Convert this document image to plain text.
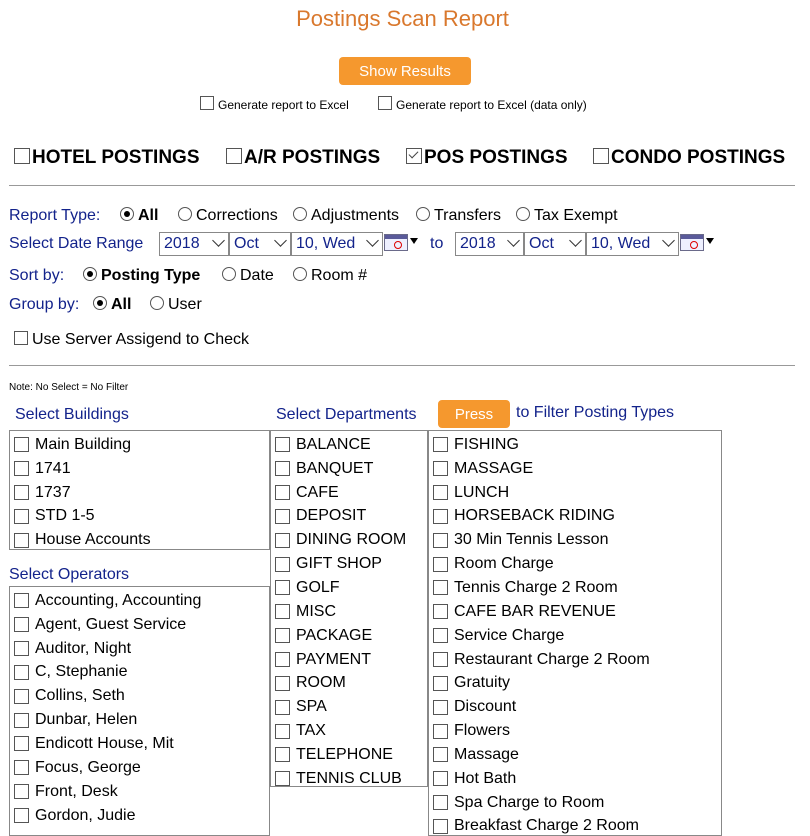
Postings Scan Report
Show Results
Generate report to Excel	Generate report to Excel (data only)
HOTEL POSTINGS	A/R POSTINGS	POS POSTINGS	CONDO POSTINGS
Report Type:	All	Corrections	Adjustments	Transfers	Tax Exempt
Select Date Range	2018	Oct	10, Wed	to	2018	Oct	10, Wed
Sort by:	Posting Type	Date	Room #
Group by:	All	User
Use Server Assigend to Check
Note: No Select = No Filter
Select Buildings	Select Departments	Press	to Filter Posting Types
Main Building
1741
1737
STD 1-5
House Accounts
Select Operators
Accounting, Accounting
Agent, Guest Service
Auditor, Night
C, Stephanie
Collins, Seth
Dunbar, Helen
Endicott House, Mit
Focus, George
Front, Desk
Gordon, Judie
BALANCE
BANQUET
CAFE
DEPOSIT
DINING ROOM
GIFT SHOP
GOLF
MISC
PACKAGE
PAYMENT
ROOM
SPA
TAX
TELEPHONE
TENNIS CLUB
FISHING
MASSAGE
LUNCH
HORSEBACK RIDING
30 Min Tennis Lesson
Room Charge
Tennis Charge 2 Room
CAFE BAR REVENUE
Service Charge
Restaurant Charge 2 Room
Gratuity
Discount
Flowers
Massage
Hot Bath
Spa Charge to Room
Breakfast Charge 2 Room
